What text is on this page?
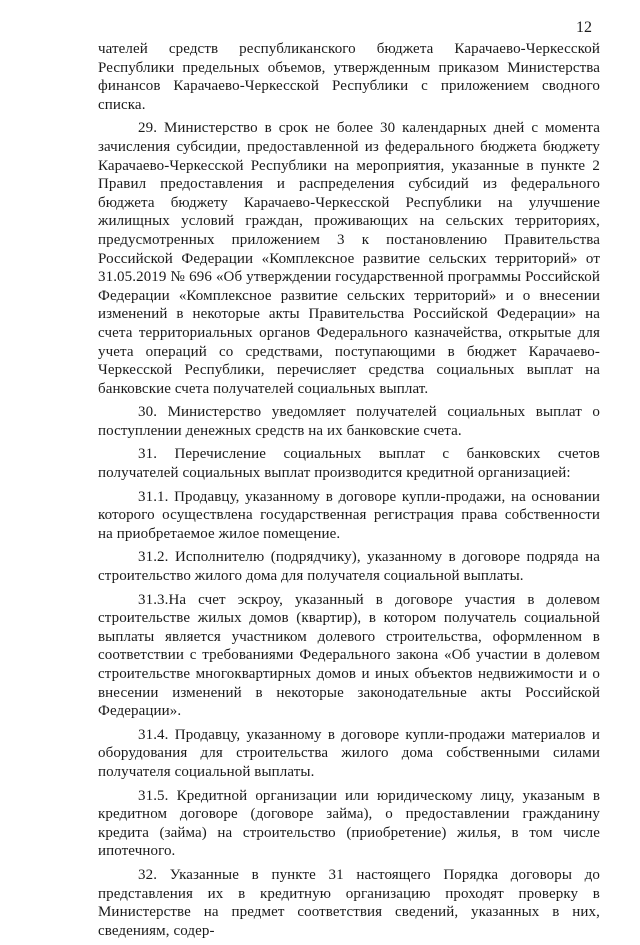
12

чателей средств республиканского бюджета Карачаево-Черкесской Республики предельных объемов, утвержденным приказом Министерства финансов Карачаево-Черкесской Республики с приложением сводного списка.

29. Министерство в срок не более 30 календарных дней с момента зачисления субсидии, предоставленной из федерального бюджета бюджету Карачаево-Черкесской Республики на мероприятия, указанные в пункте 2 Правил предоставления и распределения субсидий из федерального бюджета бюджету Карачаево-Черкесской Республики на улучшение жилищных условий граждан, проживающих на сельских территориях, предусмотренных приложением 3 к постановлению Правительства Российской Федерации «Комплексное развитие сельских территорий» от 31.05.2019 № 696 «Об утверждении государственной программы Российской Федерации «Комплексное развитие сельских территорий» и о внесении изменений в некоторые акты Правительства Российской Федерации» на счета территориальных органов Федерального казначейства, открытые для учета операций со средствами, поступающими в бюджет Карачаево-Черкесской Республики, перечисляет средства социальных выплат на банковские счета получателей социальных выплат.

30. Министерство уведомляет получателей социальных выплат о поступлении денежных средств на их банковские счета.

31. Перечисление социальных выплат с банковских счетов получателей социальных выплат производится кредитной организацией:

31.1. Продавцу, указанному в договоре купли-продажи, на основании которого осуществлена государственная регистрация права собственности на приобретаемое жилое помещение.

31.2. Исполнителю (подрядчику), указанному в договоре подряда на строительство жилого дома для получателя социальной выплаты.

31.3.На счет эскроу, указанный в договоре участия в долевом строительстве жилых домов (квартир), в котором получатель социальной выплаты является участником долевого строительства, оформленном в соответствии с требованиями Федерального закона «Об участии в долевом строительстве многоквартирных домов и иных объектов недвижимости и о внесении изменений в некоторые законодательные акты Российской Федерации».

31.4. Продавцу, указанному в договоре купли-продажи материалов и оборудования для строительства жилого дома собственными силами получателя социальной выплаты.

31.5. Кредитной организации или юридическому лицу, указаным в кредитном договоре (договоре займа), о предоставлении гражданину кредита (займа) на строительство (приобретение) жилья, в том числе ипотечного.

32. Указанные в пункте 31 настоящего Порядка договоры до представления их в кредитную организацию проходят проверку в Министерстве на предмет соответствия сведений, указанных в них, сведениям, содер-
